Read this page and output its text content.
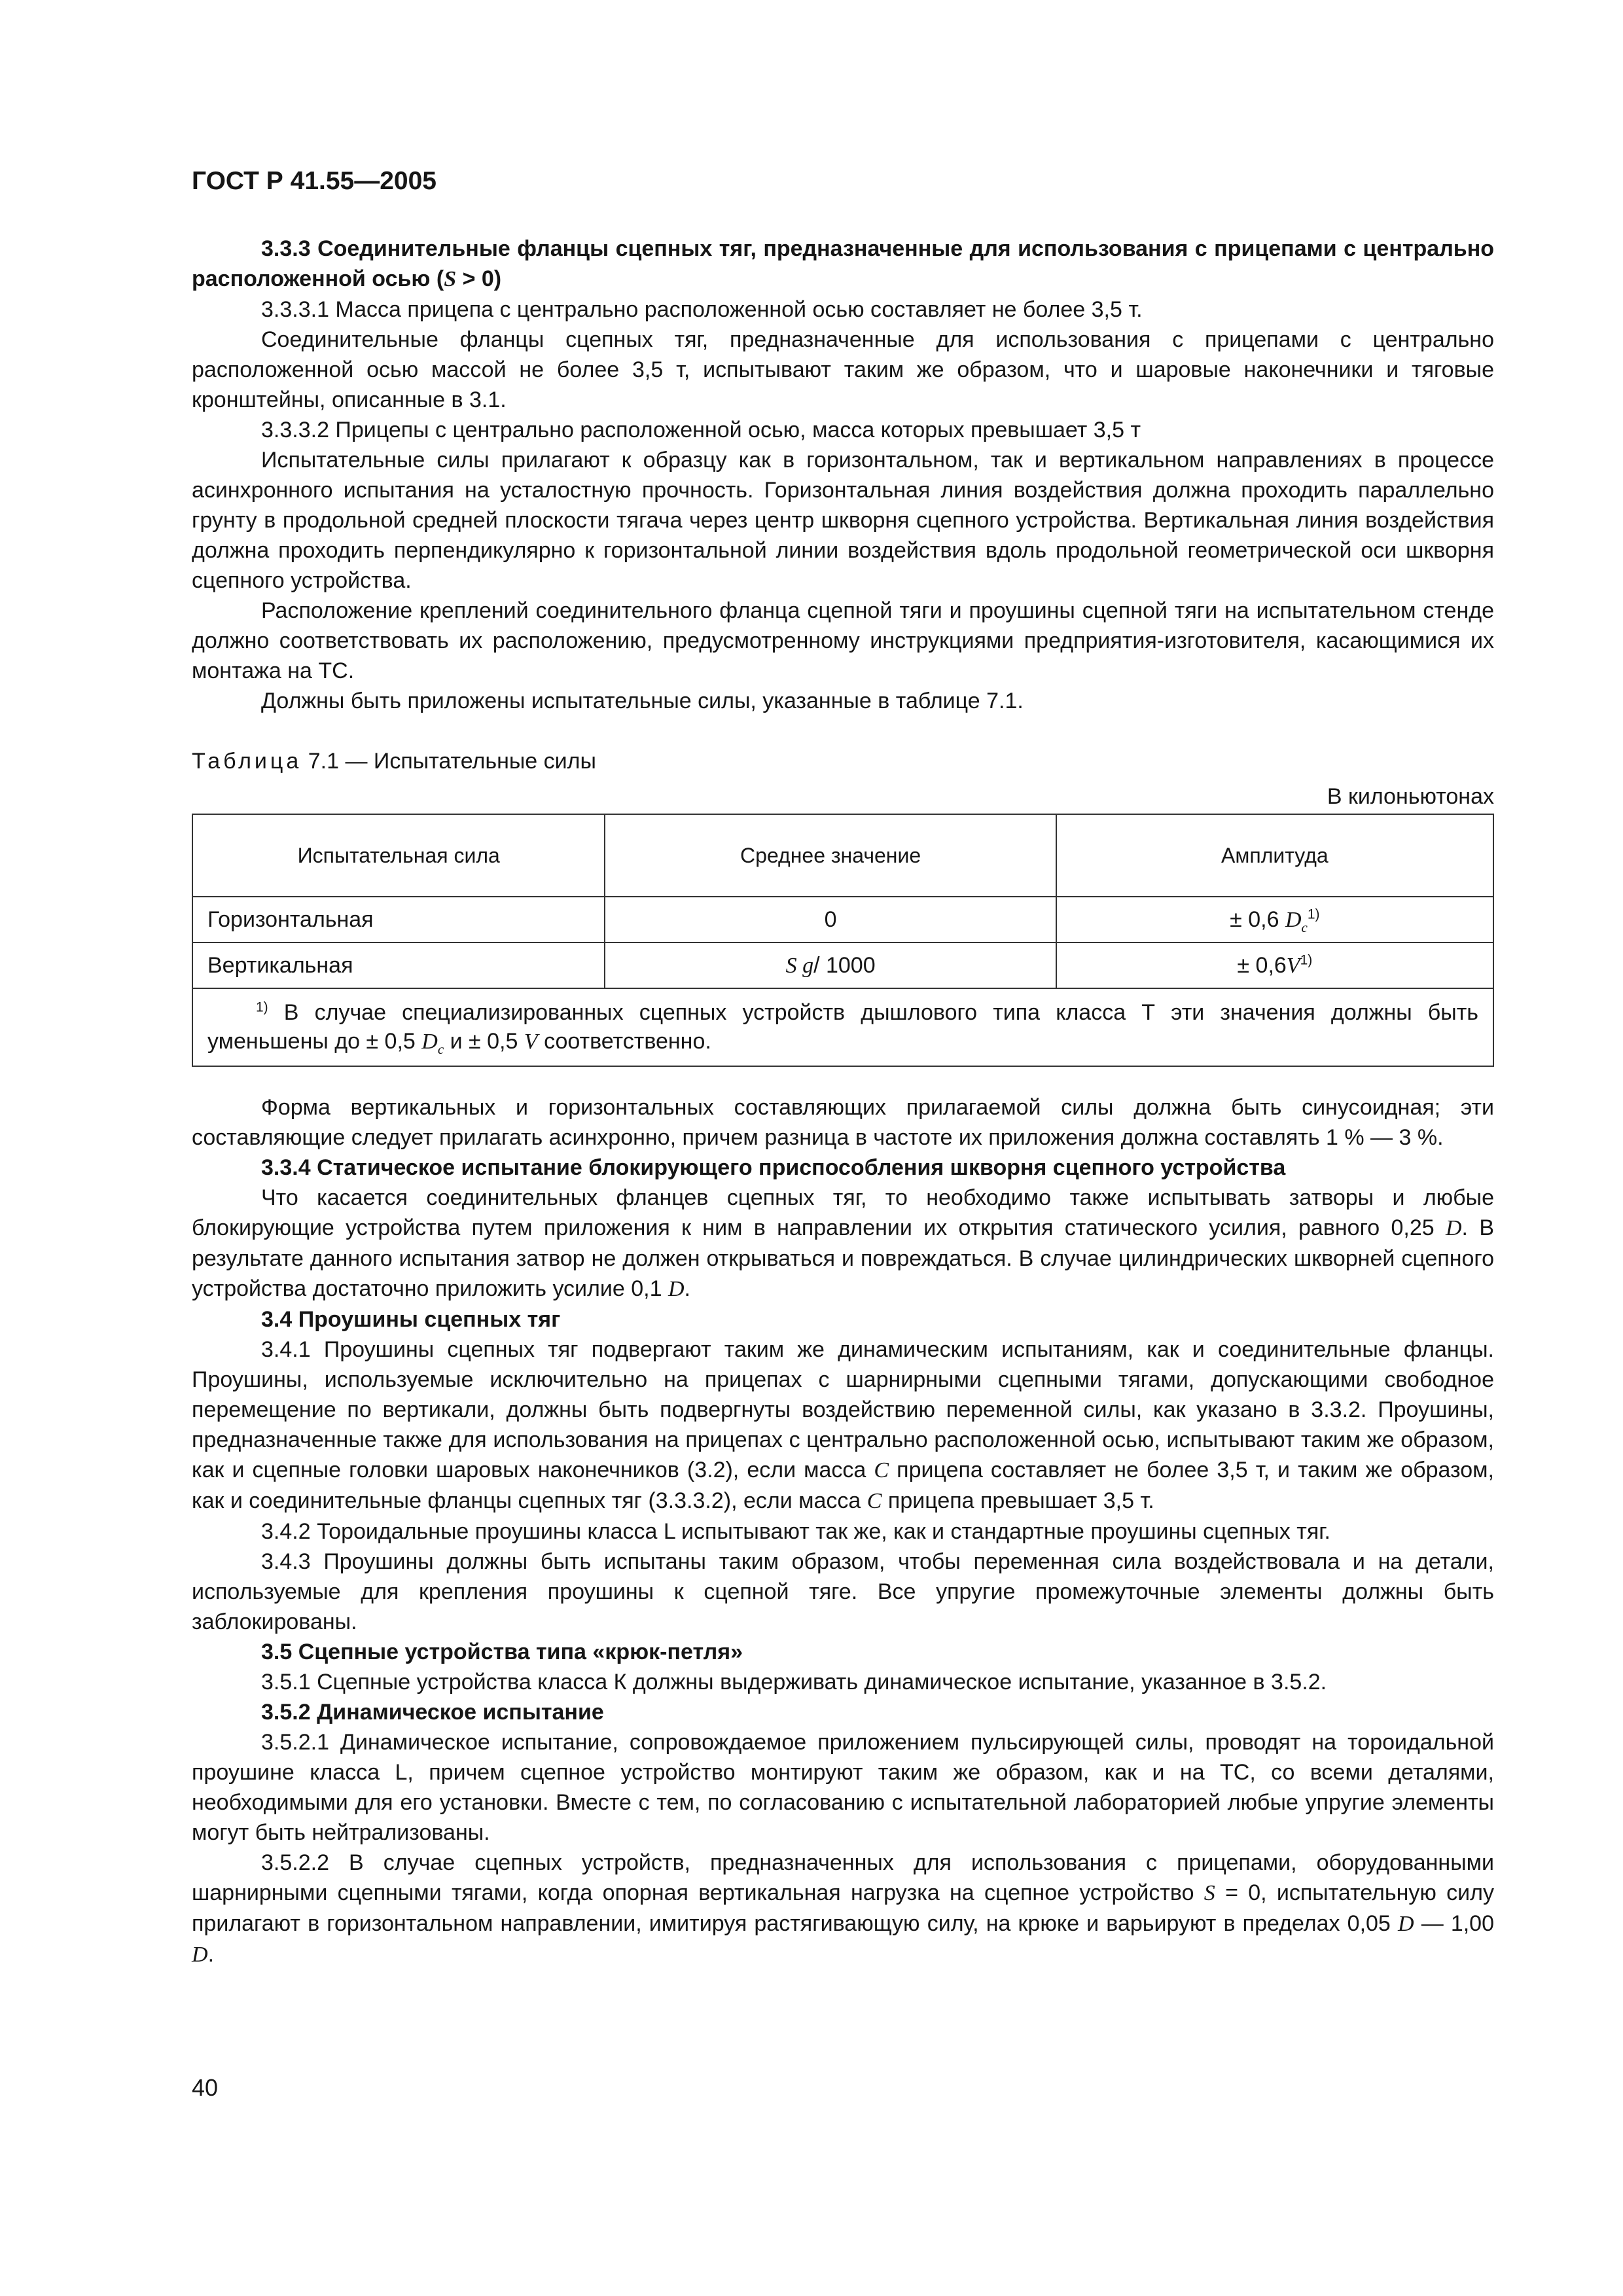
ГОСТ Р 41.55—2005

3.3.3 Соединительные фланцы сцепных тяг, предназначенные для использования с прицепами с центрально расположенной осью (S > 0)

3.3.3.1 Масса прицепа с центрально расположенной осью составляет не более 3,5 т.

Соединительные фланцы сцепных тяг, предназначенные для использования с прицепами с центрально расположенной осью массой не более 3,5 т, испытывают таким же образом, что и шаровые наконечники и тяговые кронштейны, описанные в 3.1.

3.3.3.2 Прицепы с центрально расположенной осью, масса которых превышает 3,5 т

Испытательные силы прилагают к образцу как в горизонтальном, так и вертикальном направлениях в процессе асинхронного испытания на усталостную прочность. Горизонтальная линия воздействия должна проходить параллельно грунту в продольной средней плоскости тягача через центр шкворня сцепного устройства. Вертикальная линия воздействия должна проходить перпендикулярно к горизонтальной линии воздействия вдоль продольной геометрической оси шкворня сцепного устройства.

Расположение креплений соединительного фланца сцепной тяги и проушины сцепной тяги на испытательном стенде должно соответствовать их расположению, предусмотренному инструкциями предприятия-изготовителя, касающимися их монтажа на ТС.

Должны быть приложены испытательные силы, указанные в таблице 7.1.

Таблица 7.1 — Испытательные силы
В килоньютонах
Испытательная сила	Среднее значение	Амплитуда
Горизонтальная	0	± 0,6 $D_c^{1)}$
Вертикальная	S g/ 1000	± $0,6V^{1)}$

$^{1)}$ В случае специализированных сцепных устройств дышлового типа класса Т эти значения должны быть уменьшены до ± 0,5 $D_c$ и ± 0,5 V соответственно.		

Форма вертикальных и горизонтальных составляющих прилагаемой силы должна быть синусоидная; эти составляющие следует прилагать асинхронно, причем разница в частоте их приложения должна составлять 1 % — 3 %.

3.3.4 Статическое испытание блокирующего приспособления шкворня сцепного устройства

Что касается соединительных фланцев сцепных тяг, то необходимо также испытывать затворы и любые блокирующие устройства путем приложения к ним в направлении их открытия статического усилия, равного 0,25 D. В результате данного испытания затвор не должен открываться и повреждаться. В случае цилиндрических шкворней сцепного устройства достаточно приложить усилие 0,1 D.

3.4 Проушины сцепных тяг

3.4.1 Проушины сцепных тяг подвергают таким же динамическим испытаниям, как и соединительные фланцы. Проушины, используемые исключительно на прицепах с шарнирными сцепными тягами, допускающими свободное перемещение по вертикали, должны быть подвергнуты воздействию переменной силы, как указано в 3.3.2. Проушины, предназначенные также для использования на прицепах с центрально расположенной осью, испытывают таким же образом, как и сцепные головки шаровых наконечников (3.2), если масса C прицепа составляет не более 3,5 т, и таким же образом, как и соединительные фланцы сцепных тяг (3.3.3.2), если масса C прицепа превышает 3,5 т.

3.4.2 Тороидальные проушины класса L испытывают так же, как и стандартные проушины сцепных тяг.

3.4.3 Проушины должны быть испытаны таким образом, чтобы переменная сила воздействовала и на детали, используемые для крепления проушины к сцепной тяге. Все упругие промежуточные элементы должны быть заблокированы.

3.5 Сцепные устройства типа «крюк-петля»

3.5.1 Сцепные устройства класса К должны выдерживать динамическое испытание, указанное в 3.5.2.

3.5.2 Динамическое испытание

3.5.2.1 Динамическое испытание, сопровождаемое приложением пульсирующей силы, проводят на тороидальной проушине класса L, причем сцепное устройство монтируют таким же образом, как и на ТС, со всеми деталями, необходимыми для его установки. Вместе с тем, по согласованию с испытательной лабораторией любые упругие элементы могут быть нейтрализованы.

3.5.2.2 В случае сцепных устройств, предназначенных для использования с прицепами, оборудованными шарнирными сцепными тягами, когда опорная вертикальная нагрузка на сцепное устройство S = 0, испытательную силу прилагают в горизонтальном направлении, имитируя растягивающую силу, на крюке и варьируют в пределах 0,05 D — 1,00 D.

40
